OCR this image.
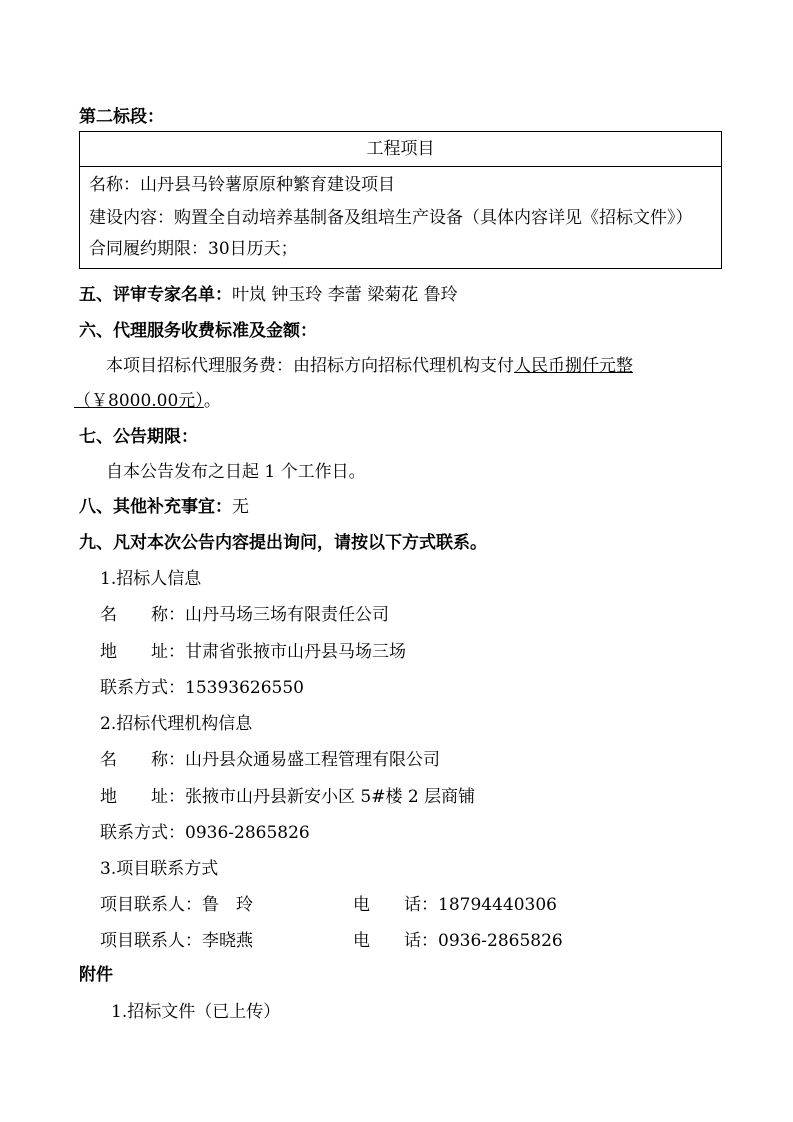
第二标段：
工程项目
名称：山丹县马铃薯原原种繁育建设项目
建设内容：购置全自动培养基制备及组培生产设备（具体内容详见《招标文件》）
合同履约期限：30日历天；
五、评审专家名单：叶岚 钟玉玲 李蕾 梁菊花 鲁玲
六、代理服务收费标准及金额：
本项目招标代理服务费：由招标方向招标代理机构支付人民币捌仟元整
（￥8000.00元）。
七、公告期限：
自本公告发布之日起 1 个工作日。
八、其他补充事宜：无
九、凡对本次公告内容提出询问，请按以下方式联系。
1.招标人信息
名　　称：山丹马场三场有限责任公司
地　　址：甘肃省张掖市山丹县马场三场
联系方式：15393626550
2.招标代理机构信息
名　　称：山丹县众通易盛工程管理有限公司
地　　址：张掖市山丹县新安小区 5#楼 2 层商铺
联系方式：0936-2865826
3.项目联系方式
项目联系人：鲁　玲	电　　话：18794440306
项目联系人：李晓燕	电　　话：0936-2865826
附件
1.招标文件（已上传）
